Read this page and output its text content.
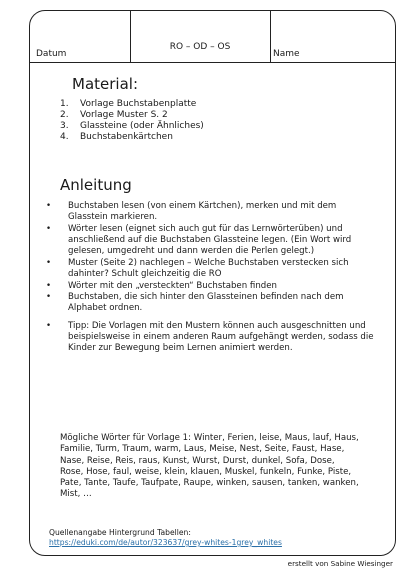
Datum
RO – OD – OS
Name
Material:
1.	Vorlage Buchstabenplatte
2.	Vorlage Muster S. 2
3.	Glassteine (oder Ähnliches)
4.	Buchstabenkärtchen
Anleitung
• Buchstaben lesen (von einem Kärtchen), merken und mit dem Glasstein markieren.
• Wörter lesen (eignet sich auch gut für das Lernwörterüben) und anschließend auf die Buchstaben Glassteine legen. (Ein Wort wird gelesen, umgedreht und dann werden die Perlen gelegt.)
• Muster (Seite 2) nachlegen – Welche Buchstaben verstecken sich dahinter? Schult gleichzeitig die RO
• Wörter mit den „versteckten“ Buchstaben finden
• Buchstaben, die sich hinter den Glassteinen befinden nach dem Alphabet ordnen.
• Tipp: Die Vorlagen mit den Mustern können auch ausgeschnitten und beispielsweise in einem anderen Raum aufgehängt werden, sodass die Kinder zur Bewegung beim Lernen animiert werden.
Mögliche Wörter für Vorlage 1: Winter, Ferien, leise, Maus, lauf, Haus, Familie, Turm, Traum, warm, Laus, Meise, Nest, Seite, Faust, Hase, Nase, Reise, Reis, raus, Kunst, Wurst, Durst, dunkel, Sofa, Dose, Rose, Hose, faul, weise, klein, klauen, Muskel, funkeln, Funke, Piste, Pate, Tante, Taufe, Taufpate, Raupe, winken, sausen, tanken, wanken, Mist, …
Quellenangabe Hintergrund Tabellen:
https://eduki.com/de/autor/323637/grey-whites-1grey_whites
erstellt von Sabine Wiesinger
